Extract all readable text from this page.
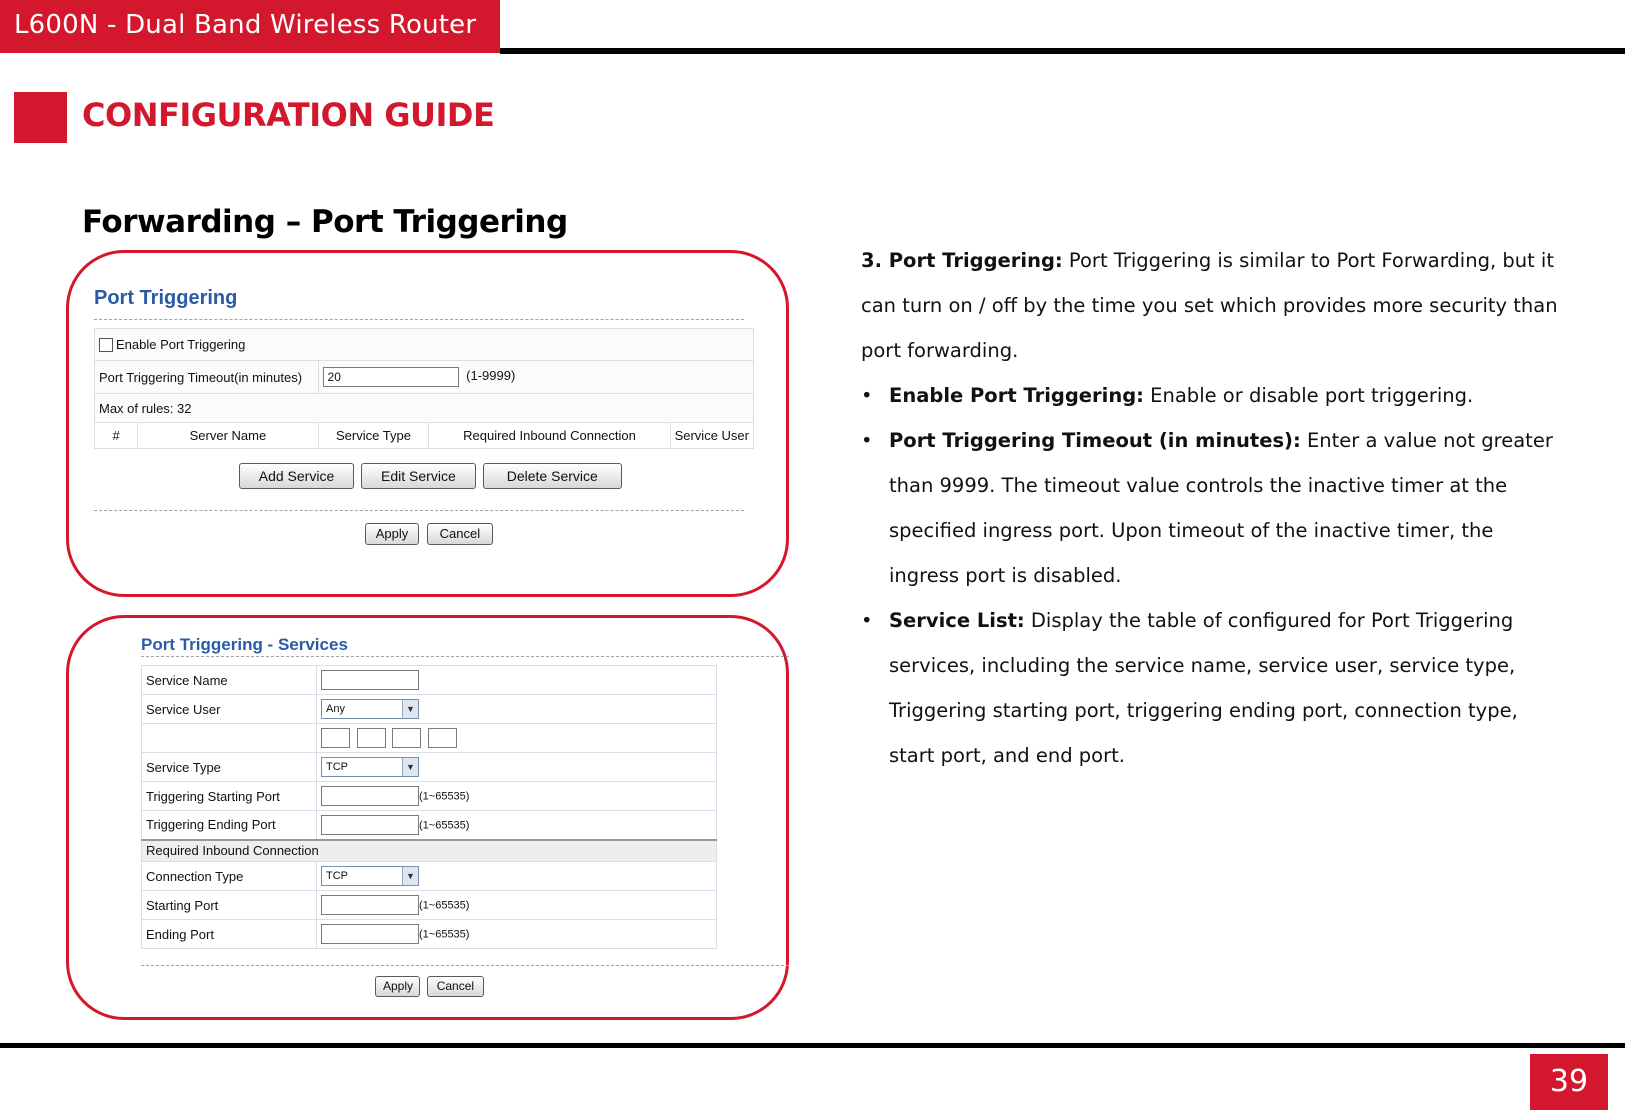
L600N - Dual Band Wireless Router
CONFIGURATION GUIDE
Forwarding – Port Triggering
Port Triggering
Enable Port Triggering				
Port Triggering Timeout(in minutes)		20 (1-9999)		
Max of rules: 32				
#	Server Name	Service Type	Required Inbound Connection	Service User
Add Service	Edit Service	Delete Service
Apply Cancel
Port Triggering - Services
Service Name	
Service User	Any ▼

Service Type	TCP ▼

Triggering Starting Port	(1~65535)
Triggering Ending Port	(1~65535)
Required Inbound Connection	
Connection Type	TCP ▼

Starting Port	(1~65535)
Ending Port	(1~65535)
Apply Cancel

3. Port Triggering: Port Triggering is similar to Port Forwarding, but it can turn on / off by the time you set which provides more security than port forwarding.

• Enable Port Triggering: Enable or disable port triggering.

• Port Triggering Timeout (in minutes): Enter a value not greater than 9999. The timeout value controls the inactive timer at the specified ingress port. Upon timeout of the inactive timer, the ingress port is disabled.

• Service List: Display the table of configured for Port Triggering services, including the service name, service user, service type, Triggering starting port, triggering ending port, connection type, start port, and end port.

39
